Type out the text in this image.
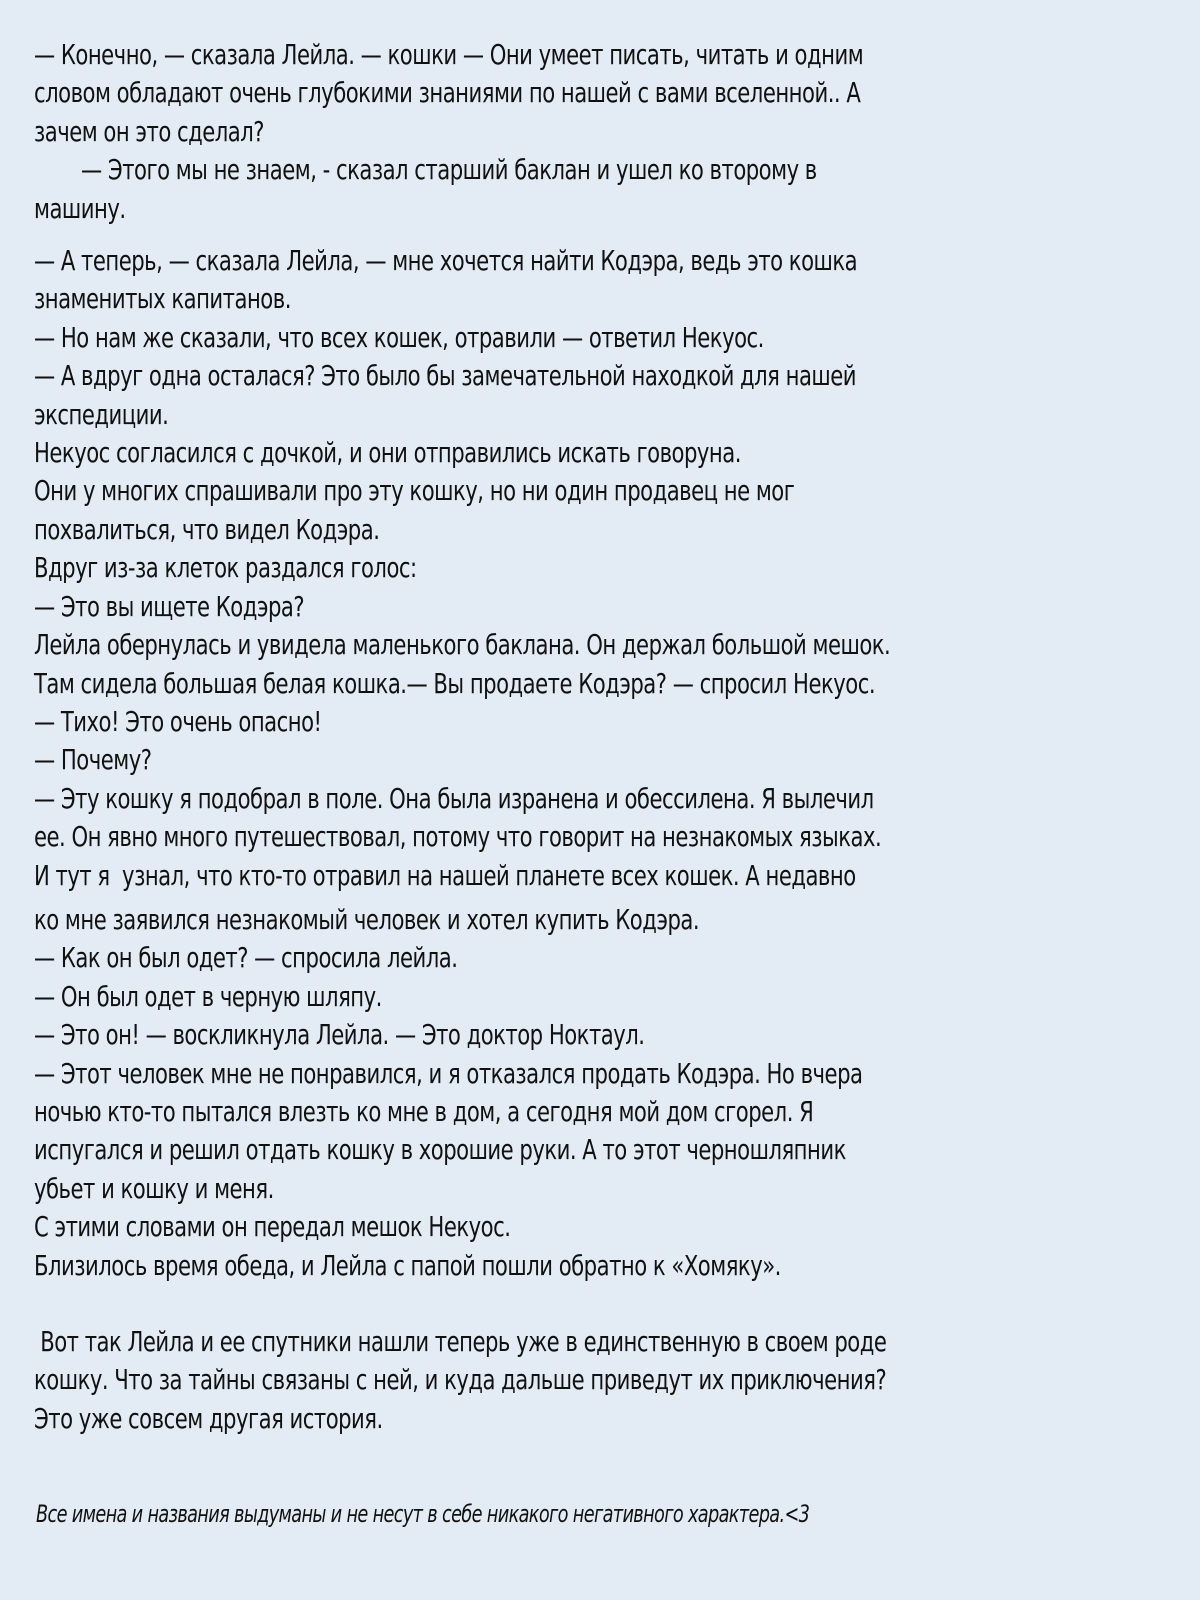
— Конечно, — сказала Лейла. — кошки — Они умеет писать, читать и одним
словом обладают очень глубокими знаниями по нашей с вами вселенной.. А
зачем он это сделал?
— Этого мы не знаем, - сказал старший баклан и ушел ко второму в
машину.
— А теперь, — сказала Лейла, — мне хочется найти Кодэра, ведь это кошка
знаменитых капитанов.
— Но нам же сказали, что всех кошек, отравили — ответил Некуос.
— А вдруг одна осталася? Это было бы замечательной находкой для нашей
экспедиции.
Некуос согласился с дочкой, и они отправились искать говоруна.
Они у многих спрашивали про эту кошку, но ни один продавец не мог
похвалиться, что видел Кодэра.
Вдруг из-за клеток раздался голос:
— Это вы ищете Кодэра?
Лейла обернулась и увидела маленького баклана. Он держал большой мешок.
Там сидела большая белая кошка.— Вы продаете Кодэра? — спросил Некуос.
— Тихо! Это очень опасно!
— Почему?
— Эту кошку я подобрал в поле. Она была изранена и обессилена. Я вылечил
ее. Он явно много путешествовал, потому что говорит на незнакомых языках.
И тут я  узнал, что кто-то отравил на нашей планете всех кошек. А недавно
ко мне заявился незнакомый человек и хотел купить Кодэра.
— Как он был одет? — спросила лейла.
— Он был одет в черную шляпу.
— Это он! — воскликнула Лейла. — Это доктор Ноктаул.
— Этот человек мне не понравился, и я отказался продать Кодэра. Но вчера
ночью кто-то пытался влезть ко мне в дом, а сегодня мой дом сгорел. Я
испугался и решил отдать кошку в хорошие руки. А то этот черношляпник
убьет и кошку и меня.
С этими словами он передал мешок Некуос.
Близилось время обеда, и Лейла с папой пошли обратно к «Хомяку».
Вот так Лейла и ее спутники нашли теперь уже в единственную в своем роде
кошку. Что за тайны связаны с ней, и куда дальше приведут их приключения?
Это уже совсем другая история.
Все имена и названия выдуманы и не несут в себе никакого негативного характера.<3
